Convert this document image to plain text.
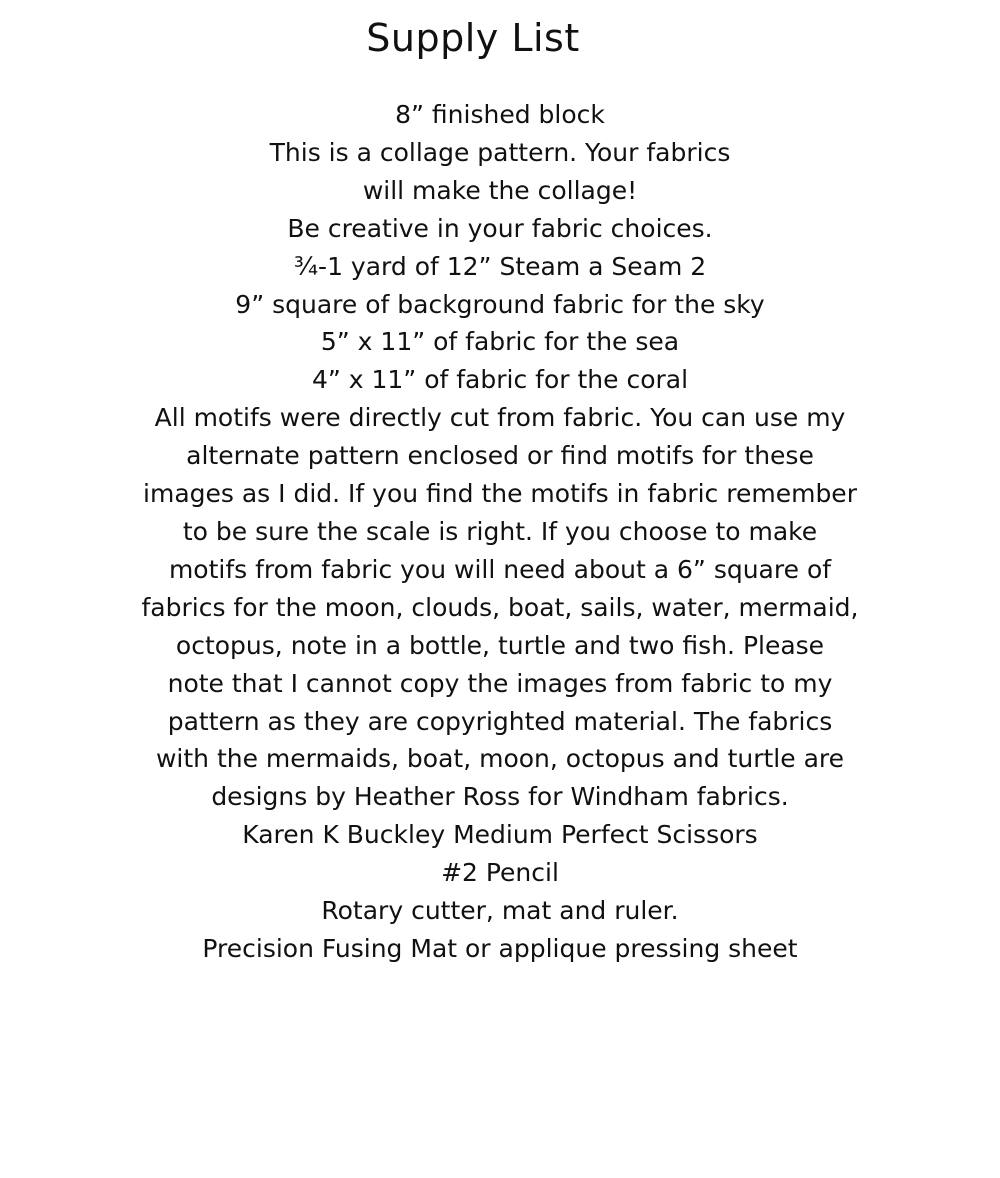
Supply List
8” finished block
This is a collage pattern. Your fabrics
will make the collage!
Be creative in your fabric choices.
¾-1 yard of 12” Steam a Seam 2
9” square of background fabric for the sky
5” x 11” of fabric for the sea
4” x 11” of fabric for the coral
All motifs were directly cut from fabric. You can use my
alternate pattern enclosed or find motifs for these
images as I did. If you find the motifs in fabric remember
to be sure the scale is right. If you choose to make
motifs from fabric you will need about a 6” square of
fabrics for the moon, clouds, boat, sails, water, mermaid,
octopus, note in a bottle, turtle and two fish. Please
note that I cannot copy the images from fabric to my
pattern as they are copyrighted material. The fabrics
with the mermaids, boat, moon, octopus and turtle are
designs by Heather Ross for Windham fabrics.
Karen K Buckley Medium Perfect Scissors
#2 Pencil
Rotary cutter, mat and ruler.
Precision Fusing Mat or applique pressing sheet
